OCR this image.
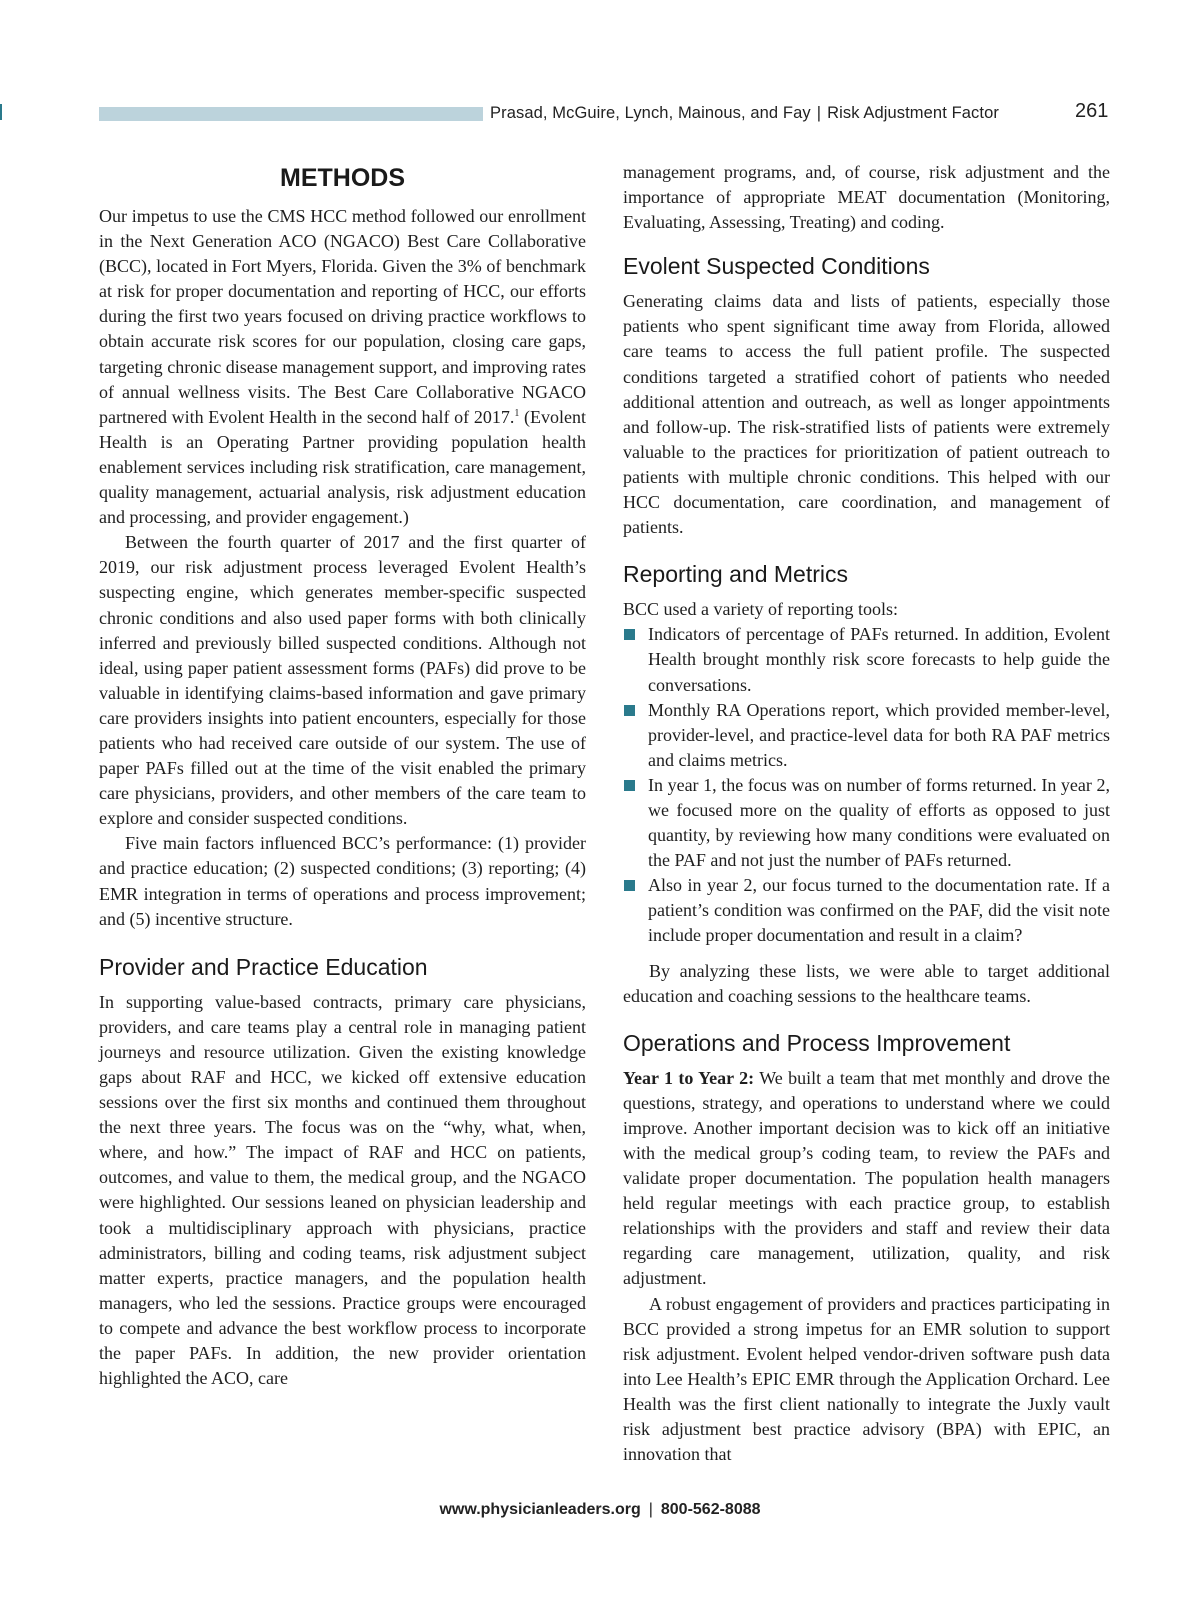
Prasad, McGuire, Lynch, Mainous, and Fay | Risk Adjustment Factor	261
METHODS

Our impetus to use the CMS HCC method followed our enrollment in the Next Generation ACO (NGACO) Best Care Collaborative (BCC), located in Fort Myers, Florida. Given the 3% of benchmark at risk for proper documentation and reporting of HCC, our efforts during the first two years focused on driving practice workflows to obtain accurate risk scores for our population, closing care gaps, targeting chronic disease management support, and improving rates of annual wellness visits. The Best Care Collaborative NGACO partnered with Evolent Health in the second half of 2017.$^1$ (Evolent Health is an Operating Partner providing population health enablement services including risk stratification, care management, quality management, actuarial analysis, risk adjustment education and processing, and provider engagement.)

Between the fourth quarter of 2017 and the first quarter of 2019, our risk adjustment process leveraged Evolent Health’s suspecting engine, which generates member-specific suspected chronic conditions and also used paper forms with both clinically inferred and previously billed suspected conditions. Although not ideal, using paper patient assessment forms (PAFs) did prove to be valuable in identifying claims-based information and gave primary care providers insights into patient encounters, especially for those patients who had received care outside of our system. The use of paper PAFs filled out at the time of the visit enabled the primary care physicians, providers, and other members of the care team to explore and consider suspected conditions.

Five main factors influenced BCC’s performance: (1) provider and practice education; (2) suspected conditions; (3) reporting; (4) EMR integration in terms of operations and process improvement; and (5) incentive structure.

Provider and Practice Education

In supporting value-based contracts, primary care physicians, providers, and care teams play a central role in managing patient journeys and resource utilization. Given the existing knowledge gaps about RAF and HCC, we kicked off extensive education sessions over the first six months and continued them throughout the next three years. The focus was on the “why, what, when, where, and how.” The impact of RAF and HCC on patients, outcomes, and value to them, the medical group, and the NGACO were highlighted. Our sessions leaned on physician leadership and took a multidisciplinary approach with physicians, practice administrators, billing and coding teams, risk adjustment subject matter experts, practice managers, and the population health managers, who led the sessions. Practice groups were encouraged to compete and advance the best workflow process to incorporate the paper PAFs. In addition, the new provider orientation highlighted the ACO, care

management programs, and, of course, risk adjustment and the importance of appropriate MEAT documentation (Monitoring, Evaluating, Assessing, Treating) and coding.

Evolent Suspected Conditions

Generating claims data and lists of patients, especially those patients who spent significant time away from Florida, allowed care teams to access the full patient profile. The suspected conditions targeted a stratified cohort of patients who needed additional attention and outreach, as well as longer appointments and follow-up. The risk-stratified lists of patients were extremely valuable to the practices for prioritization of patient outreach to patients with multiple chronic conditions. This helped with our HCC documentation, care coordination, and management of patients.

Reporting and Metrics

BCC used a variety of reporting tools:

Indicators of percentage of PAFs returned. In addition, Evolent Health brought monthly risk score forecasts to help guide the conversations.
Monthly RA Operations report, which provided member-level, provider-level, and practice-level data for both RA PAF metrics and claims metrics.
In year 1, the focus was on number of forms returned. In year 2, we focused more on the quality of efforts as opposed to just quantity, by reviewing how many conditions were evaluated on the PAF and not just the number of PAFs returned.
Also in year 2, our focus turned to the documentation rate. If a patient’s condition was confirmed on the PAF, did the visit note include proper documentation and result in a claim?

By analyzing these lists, we were able to target additional education and coaching sessions to the healthcare teams.

Operations and Process Improvement

Year 1 to Year 2: We built a team that met monthly and drove the questions, strategy, and operations to understand where we could improve. Another important decision was to kick off an initiative with the medical group’s coding team, to review the PAFs and validate proper documentation. The population health managers held regular meetings with each practice group, to establish relationships with the providers and staff and review their data regarding care management, utilization, quality, and risk adjustment.

A robust engagement of providers and practices participating in BCC provided a strong impetus for an EMR solution to support risk adjustment. Evolent helped vendor-driven software push data into Lee Health’s EPIC EMR through the Application Orchard. Lee Health was the first client nationally to integrate the Juxly vault risk adjustment best practice advisory (BPA) with EPIC, an innovation that

www.physicianleaders.org | 800-562-8088
